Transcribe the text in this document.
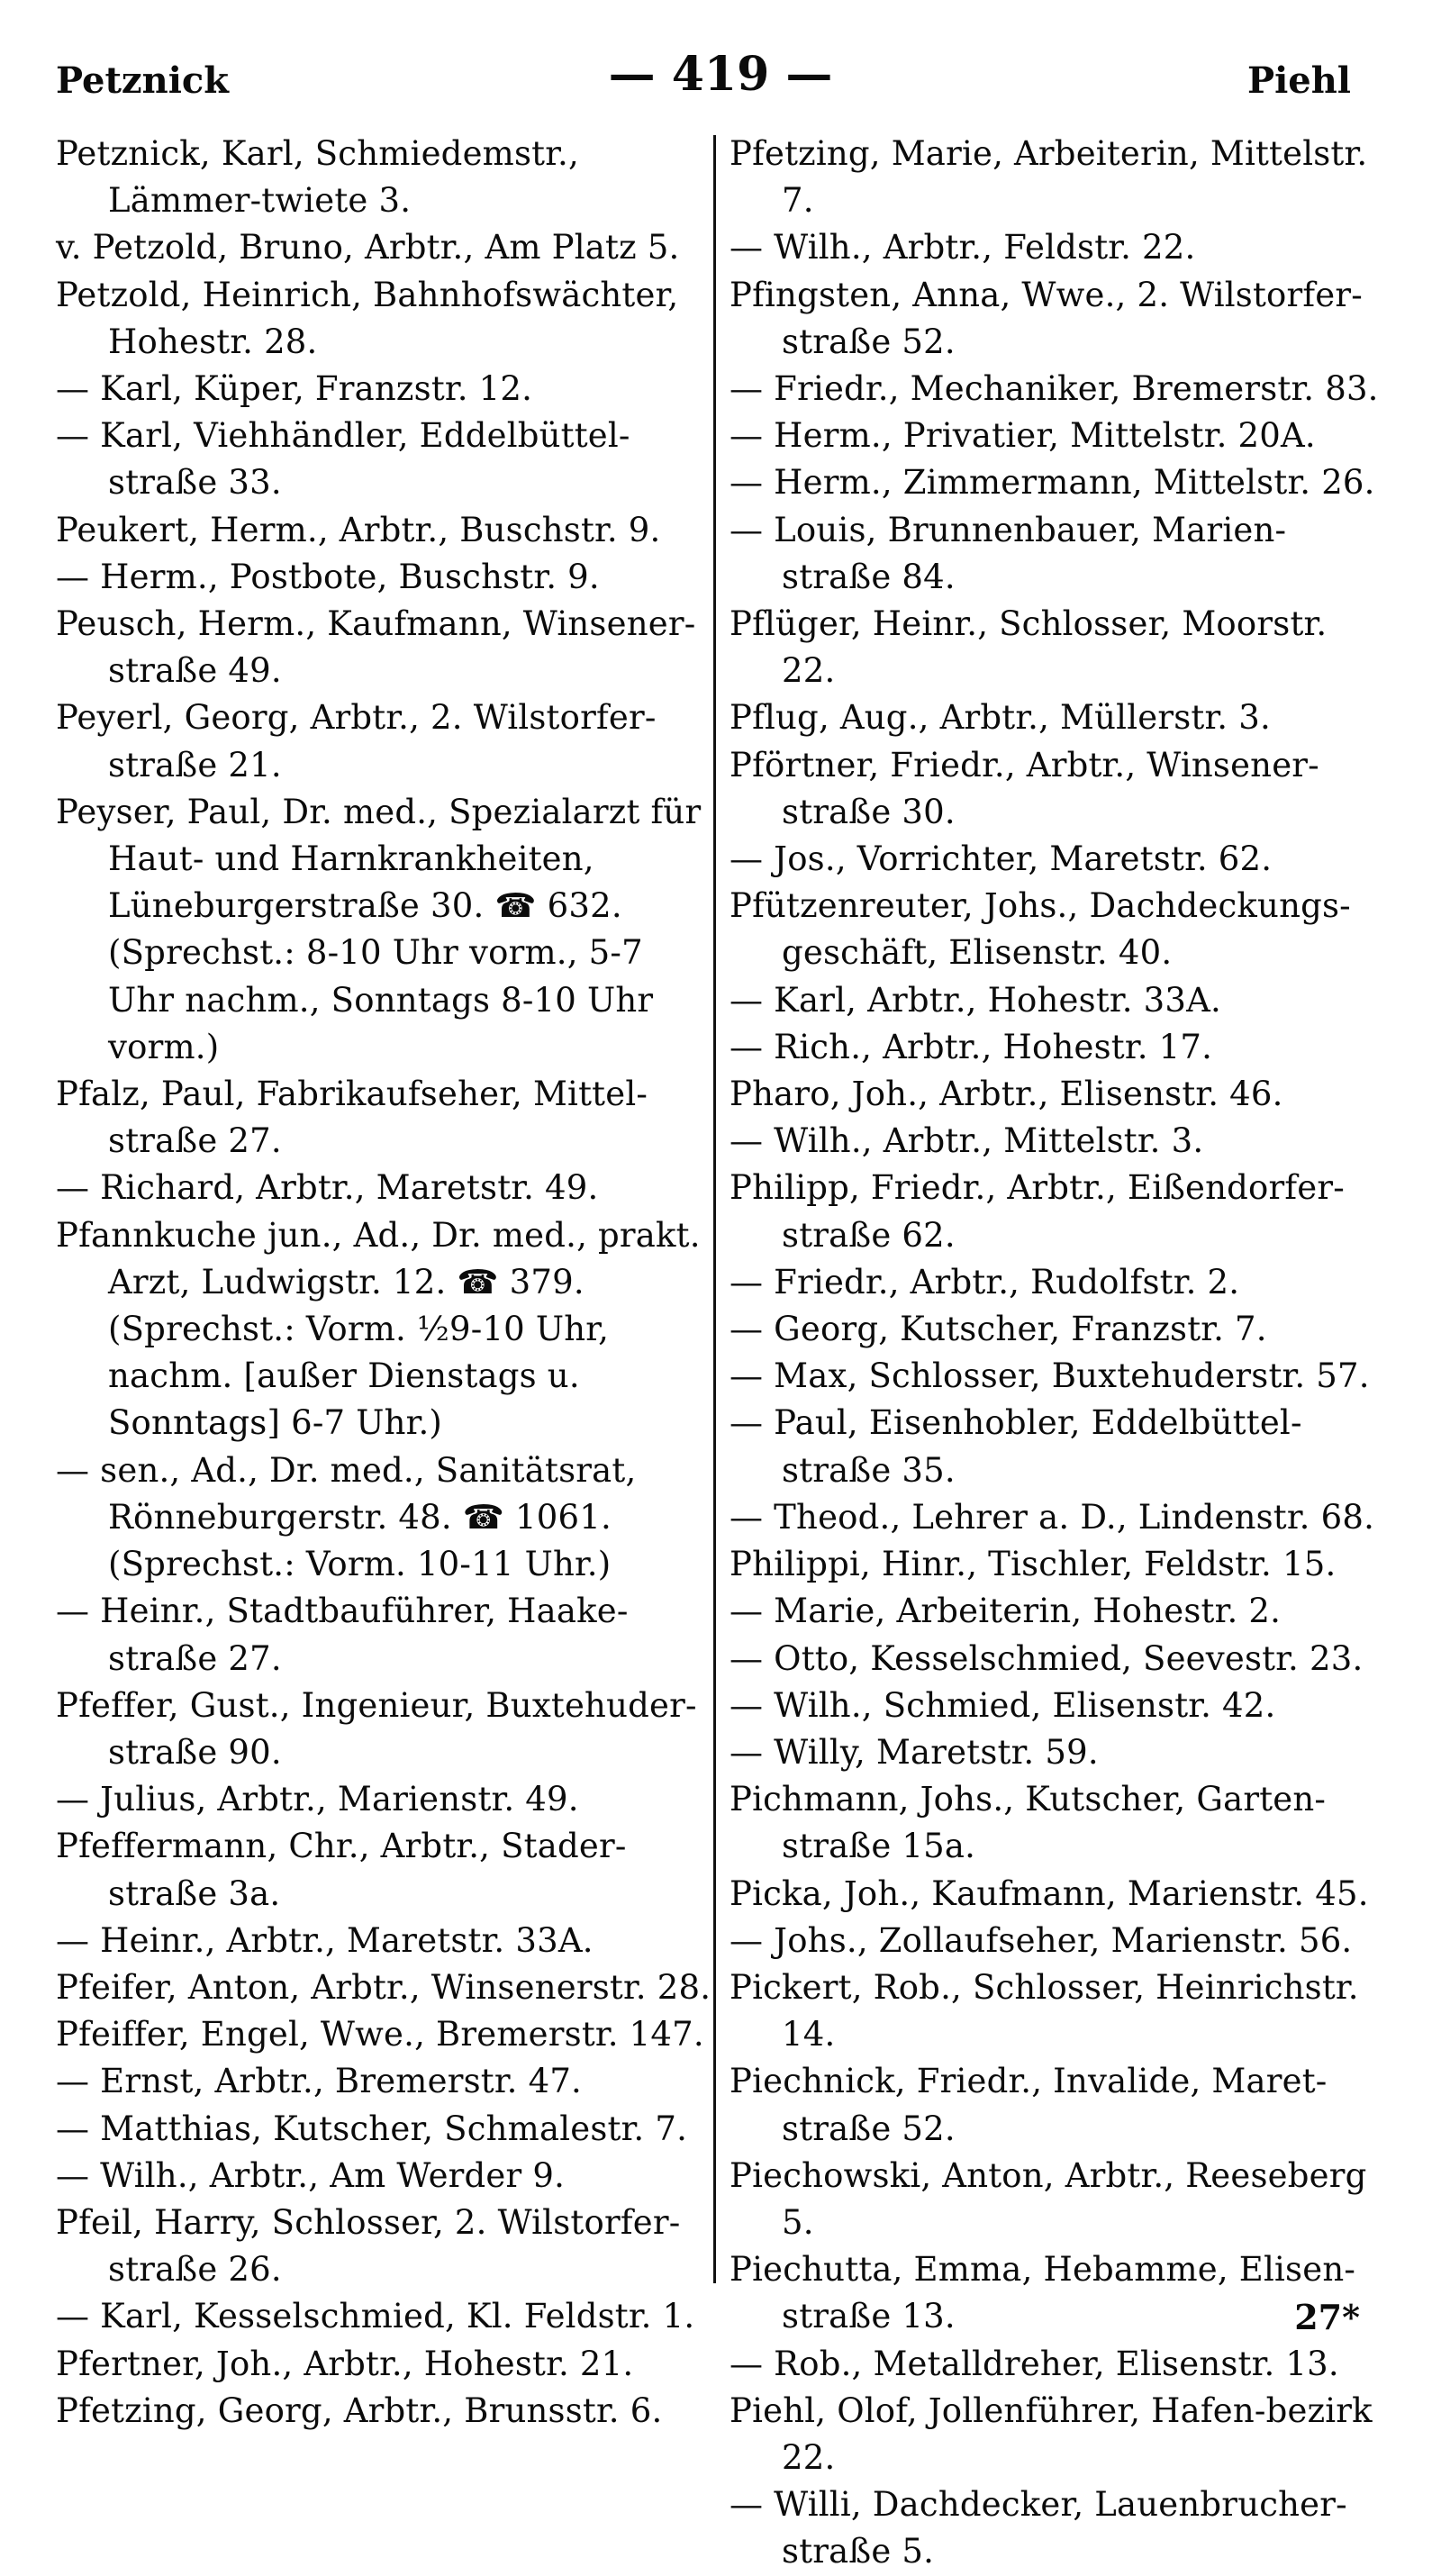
Petznick	— 419 —	Piehl

Petznick, Karl, Schmiedemstr., Lämmer-twiete 3.

v. Petzold, Bruno, Arbtr., Am Platz 5.

Petzold, Heinrich, Bahnhofswächter, Hohestr. 28.

— Karl, Küper, Franzstr. 12.

— Karl, Viehhändler, Eddelbüttel-straße 33.

Peukert, Herm., Arbtr., Buschstr. 9.

— Herm., Postbote, Buschstr. 9.

Peusch, Herm., Kaufmann, Winsener-straße 49.

Peyerl, Georg, Arbtr., 2. Wilstorfer-straße 21.

Peyser, Paul, Dr. med., Spezialarzt für Haut- und Harnkrankheiten, Lüneburgerstraße 30. ☎ 632. (Sprechst.: 8-10 Uhr vorm., 5-7 Uhr nachm., Sonntags 8-10 Uhr vorm.)

Pfalz, Paul, Fabrikaufseher, Mittel-straße 27.

— Richard, Arbtr., Maretstr. 49.

Pfannkuche jun., Ad., Dr. med., prakt. Arzt, Ludwigstr. 12. ☎ 379. (Sprechst.: Vorm. ½9-10 Uhr, nachm. [außer Dienstags u. Sonntags] 6-7 Uhr.)

— sen., Ad., Dr. med., Sanitätsrat, Rönneburgerstr. 48. ☎ 1061. (Sprechst.: Vorm. 10-11 Uhr.)

— Heinr., Stadtbauführer, Haake-straße 27.

Pfeffer, Gust., Ingenieur, Buxtehuder-straße 90.

— Julius, Arbtr., Marienstr. 49.

Pfeffermann, Chr., Arbtr., Stader-straße 3a.

— Heinr., Arbtr., Maretstr. 33A.

Pfeifer, Anton, Arbtr., Winsenerstr. 28.

Pfeiffer, Engel, Wwe., Bremerstr. 147.

— Ernst, Arbtr., Bremerstr. 47.

— Matthias, Kutscher, Schmalestr. 7.

— Wilh., Arbtr., Am Werder 9.

Pfeil, Harry, Schlosser, 2. Wilstorfer-straße 26.

— Karl, Kesselschmied, Kl. Feldstr. 1.

Pfertner, Joh., Arbtr., Hohestr. 21.

Pfetzing, Georg, Arbtr., Brunsstr. 6.

Pfetzing, Marie, Arbeiterin, Mittelstr. 7.

— Wilh., Arbtr., Feldstr. 22.

Pfingsten, Anna, Wwe., 2. Wilstorfer-straße 52.

— Friedr., Mechaniker, Bremerstr. 83.

— Herm., Privatier, Mittelstr. 20A.

— Herm., Zimmermann, Mittelstr. 26.

— Louis, Brunnenbauer, Marien-straße 84.

Pflüger, Heinr., Schlosser, Moorstr. 22.

Pflug, Aug., Arbtr., Müllerstr. 3.

Pförtner, Friedr., Arbtr., Winsener-straße 30.

— Jos., Vorrichter, Maretstr. 62.

Pfützenreuter, Johs., Dachdeckungs-geschäft, Elisenstr. 40.

— Karl, Arbtr., Hohestr. 33A.

— Rich., Arbtr., Hohestr. 17.

Pharo, Joh., Arbtr., Elisenstr. 46.

— Wilh., Arbtr., Mittelstr. 3.

Philipp, Friedr., Arbtr., Eißendorfer-straße 62.

— Friedr., Arbtr., Rudolfstr. 2.

— Georg, Kutscher, Franzstr. 7.

— Max, Schlosser, Buxtehuderstr. 57.

— Paul, Eisenhobler, Eddelbüttel-straße 35.

— Theod., Lehrer a. D., Lindenstr. 68.

Philippi, Hinr., Tischler, Feldstr. 15.

— Marie, Arbeiterin, Hohestr. 2.

— Otto, Kesselschmied, Seevestr. 23.

— Wilh., Schmied, Elisenstr. 42.

— Willy, Maretstr. 59.

Pichmann, Johs., Kutscher, Garten-straße 15a.

Picka, Joh., Kaufmann, Marienstr. 45.

— Johs., Zollaufseher, Marienstr. 56.

Pickert, Rob., Schlosser, Heinrichstr. 14.

Piechnick, Friedr., Invalide, Maret-straße 52.

Piechowski, Anton, Arbtr., Reeseberg 5.

Piechutta, Emma, Hebamme, Elisen-straße 13.

— Rob., Metalldreher, Elisenstr. 13.

Piehl, Olof, Jollenführer, Hafen-bezirk 22.

— Willi, Dachdecker, Lauenbrucher-straße 5.

27*
